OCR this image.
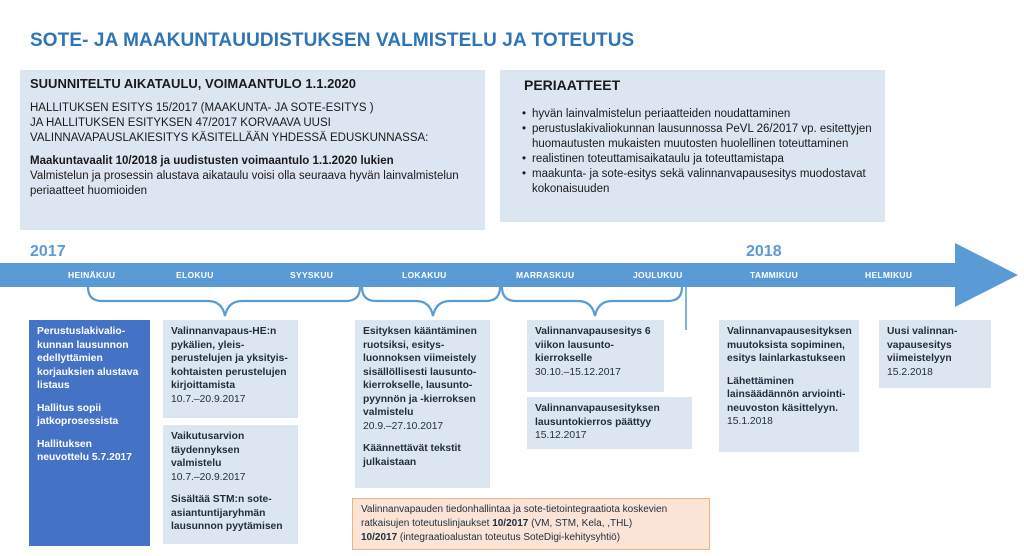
SOTE- JA MAAKUNTAUUDISTUKSEN VALMISTELU JA TOTEUTUS
SUUNNITELTU AIKATAULU, VOIMAANTULO 1.1.2020
HALLITUKSEN ESITYS 15/2017 (MAAKUNTA- JA SOTE-ESITYS )
JA HALLITUKSEN ESITYKSEN 47/2017 KORVAAVA UUSI VALINNAVAPAUSLAKIESITYS KÄSITELLÄÄN YHDESSÄ EDUSKUNNASSA:
Maakuntavaalit 10/2018 ja uudistusten voimaantulo 1.1.2020 lukien
Valmistelun ja prosessin alustava aikataulu voisi olla seuraava hyvän lainvalmistelun periaatteet huomioiden
PERIAATTEET
• hyvän lainvalmistelun periaatteiden noudattaminen
• perustuslakivaliokunnan lausunnossa PeVL 26/2017 vp. esitettyjen huomautusten mukaisten muutosten huolellinen toteuttaminen
• realistinen toteuttamisaikataulu ja toteuttamistapa
• maakunta- ja sote-esitys sekä valinnanvapausesitys muodostavat kokonaisuuden
2017	2018
HEINÄKUU	ELOKUU	SYYSKUU	LOKAKUU	MARRASKUU	JOULUKUU	TAMMIKUU	HELMIKUU

Perustuslakivalio-kunnan lausunnon edellyttämien korjauksien alustava listaus

Hallitus sopii jatkoprosessista

Hallituksen neuvottelu 5.7.2017

Valinnanvapaus-HE:n pykälien, yleis-perustelujen ja yksityis-kohtaisten perustelujen kirjoittamista

10.7.–20.9.2017

Vaikutusarvion täydennyksen valmistelu

10.7.–20.9.2017

Sisältää STM:n sote-asiantuntijaryhmän lausunnon pyytämisen

Esityksen kääntäminen ruotsiksi, esitys-luonnoksen viimeistely sisällöllisesti lausunto-kierrokselle, lausunto-pyynnön ja -kierroksen valmistelu

20.9.–27.10.2017

Käännettävät tekstit julkaistaan

Valinnanvapausesitys 6 viikon lausunto-kierrokselle

30.10.–15.12.2017

Valinnanvapausesityksen lausuntokierros päättyy

15.12.2017

Valinnanvapausesityksen muutoksista sopiminen, esitys lainlarkastukseen

Lähettäminen lainsäädännön arviointi-neuvoston käsittelyyn.

15.1.2018

Uusi valinnan-vapausesitys viimeistelyyn

15.2.2018

Valinnanvapauden tiedonhallintaa ja sote-tietointegraatiota koskevien ratkaisujen toteutuslinjaukset 10/2017 (VM, STM, Kela, ,THL)
10/2017 (integraatioalustan toteutus SoteDigi-kehitysyhtiö)
